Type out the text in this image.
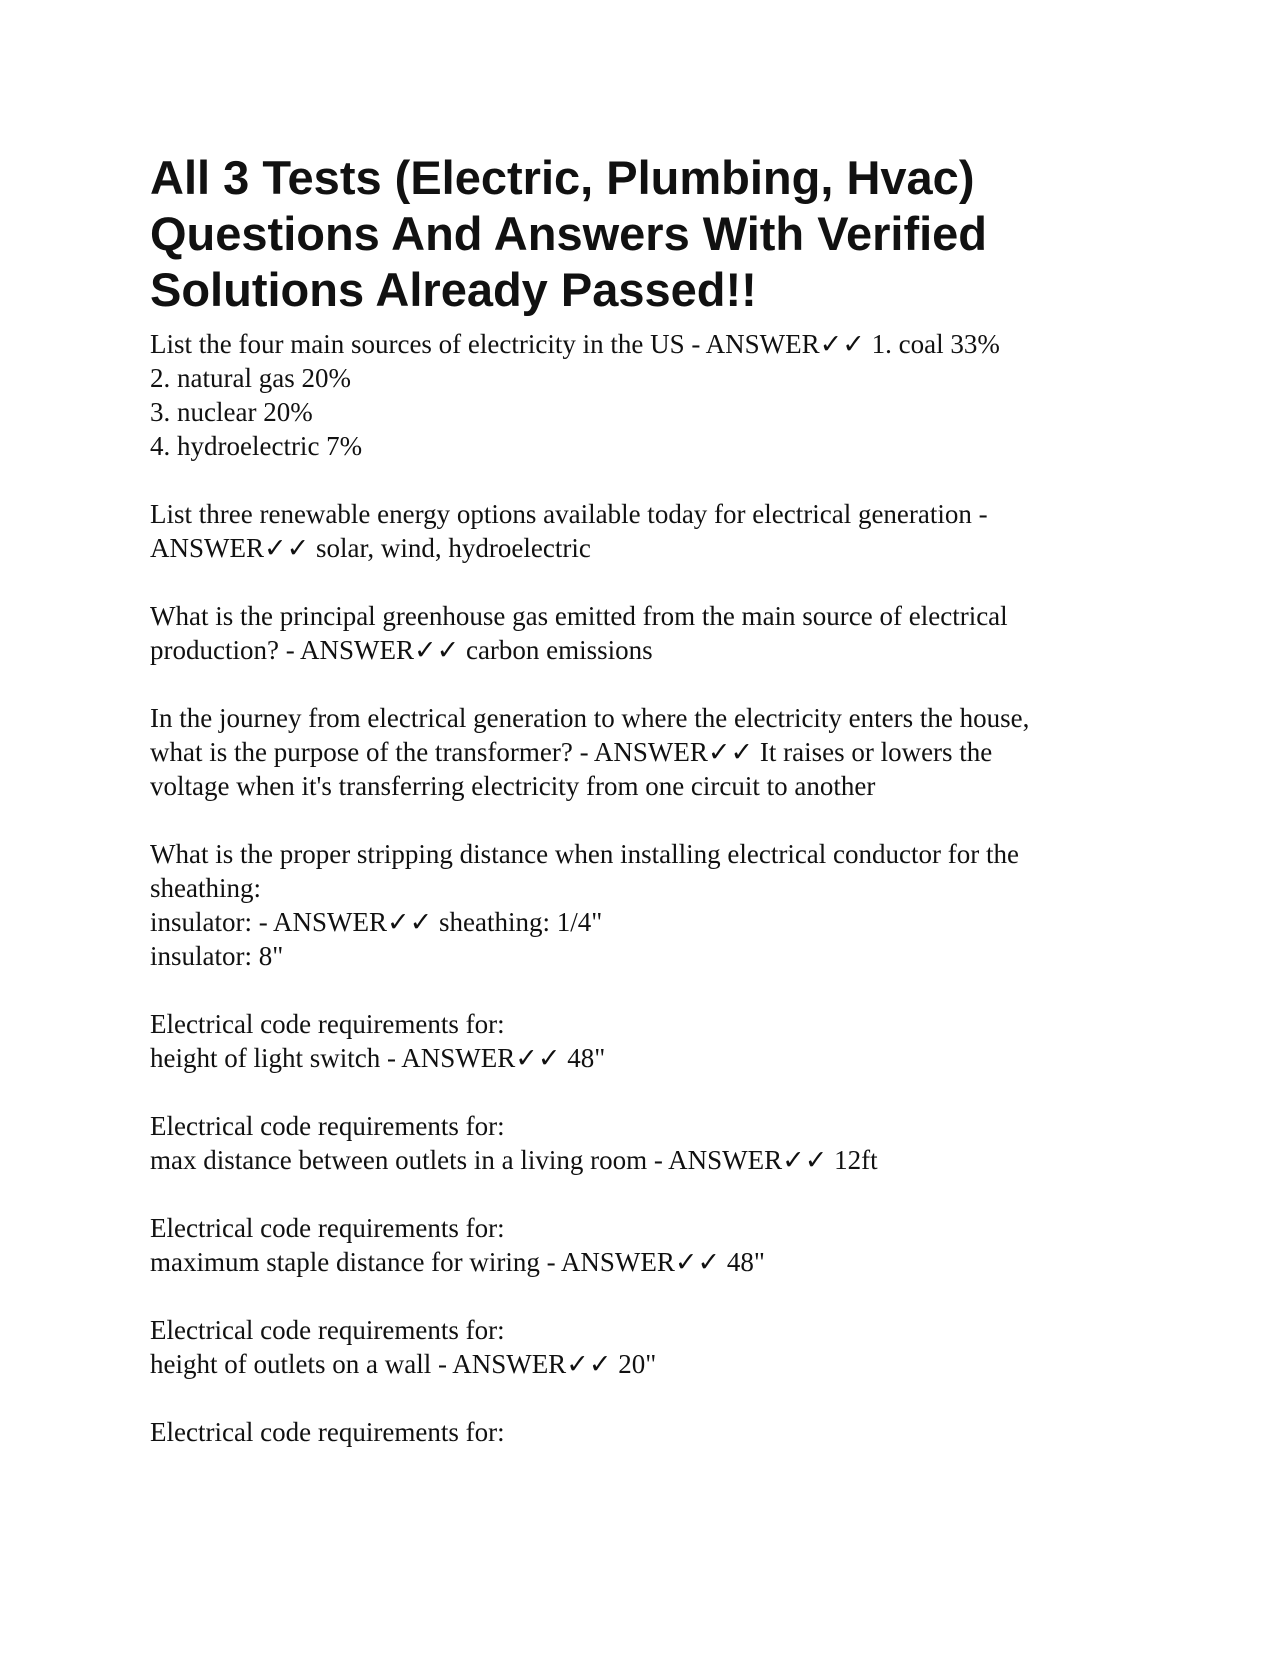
All 3 Tests (Electric, Plumbing, Hvac)
Questions And Answers With Verified
Solutions Already Passed!!
List the four main sources of electricity in the US - ANSWER✓✓ 1. coal 33%
2. natural gas 20%
3. nuclear 20%
4. hydroelectric 7%
List three renewable energy options available today for electrical generation -
ANSWER✓✓ solar, wind, hydroelectric
What is the principal greenhouse gas emitted from the main source of electrical
production? - ANSWER✓✓ carbon emissions
In the journey from electrical generation to where the electricity enters the house,
what is the purpose of the transformer? - ANSWER✓✓ It raises or lowers the
voltage when it's transferring electricity from one circuit to another
What is the proper stripping distance when installing electrical conductor for the
sheathing:
insulator: - ANSWER✓✓ sheathing: 1/4"
insulator: 8"
Electrical code requirements for:
height of light switch - ANSWER✓✓ 48"
Electrical code requirements for:
max distance between outlets in a living room - ANSWER✓✓ 12ft
Electrical code requirements for:
maximum staple distance for wiring - ANSWER✓✓ 48"
Electrical code requirements for:
height of outlets on a wall - ANSWER✓✓ 20"
Electrical code requirements for:
